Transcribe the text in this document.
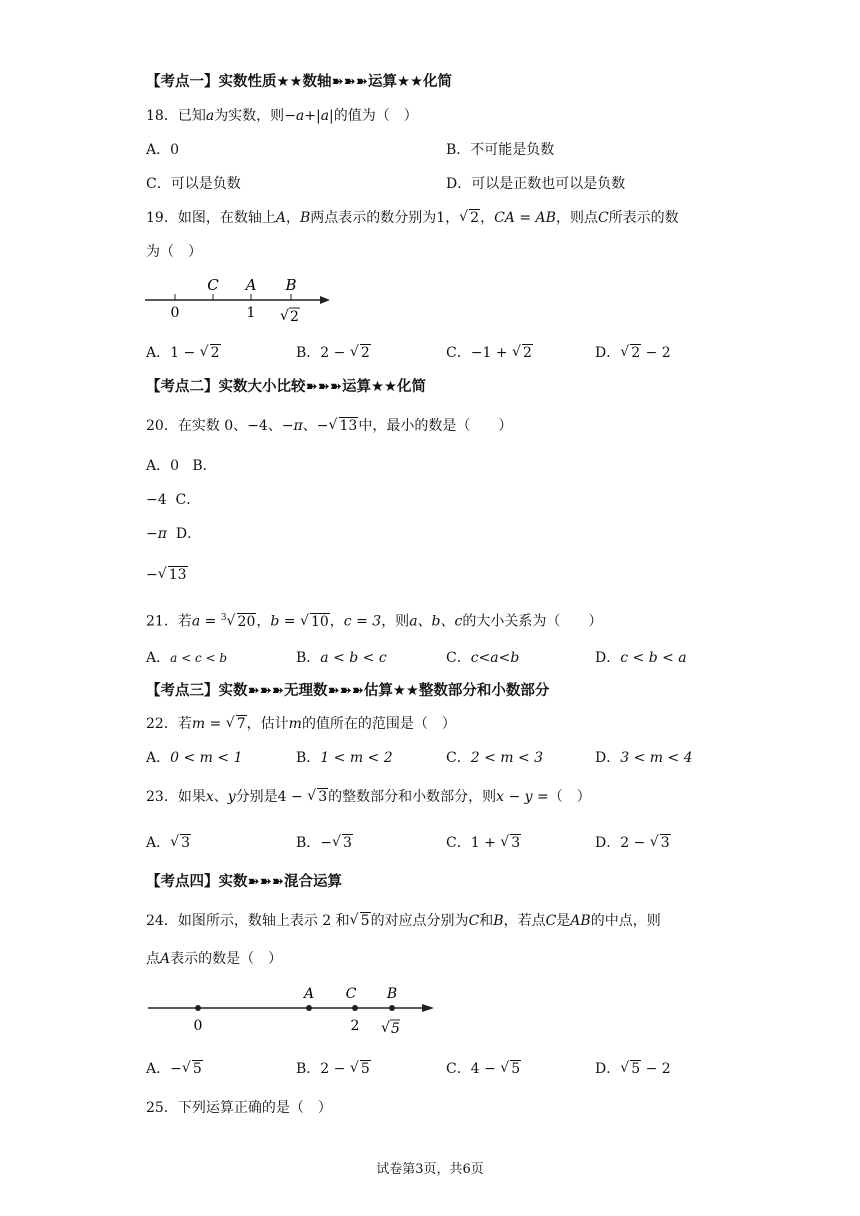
【考点一】实数性质★★数轴➽➽➽运算★★化简
18．已知a为实数，则−a+|a|的值为（　）
A．0	B．不可能是负数
C．可以是负数	D．可以是正数也可以是负数
19．如图，在数轴上A，B两点表示的数分别为1， √ 2，CA = AB，则点C所表示的数
为（　）
C A B
0	1 √ 2
A．1 − √ 2	B．2 − √ 2	C．−1 + √ 2	D． √ 2 − 2
【考点二】实数大小比较➽➽➽运算★★化简
20．在实数 0、−4、−π、− √ 13中，最小的数是（　　）
A．0 B．
−4 C．
−π D．
− √ 13
21．若a = $^3$ √ 20，b = √ 10，c = 3，则a、b、c的大小关系为（　　）
A．a < c < b	B．a < b < c	C．c<a<b	D．c < b < a
【考点三】实数➽➽➽无理数➽➽➽估算★★整数部分和小数部分
22．若m = √ 7，估计m的值所在的范围是（　）
A．0 < m < 1	B．1 < m < 2	C．2 < m < 3	D．3 < m < 4
23．如果x、y分别是4 − √ 3的整数部分和小数部分，则x − y =（　）
A． √ 3	B．− √ 3	C．1 + √ 3	D．2 − √ 3
【考点四】实数➽➽➽混合运算
24．如图所示，数轴上表示 2 和 √ 5的对应点分别为C和B，若点C是AB的中点，则
点A表示的数是（　）
A C B
0	2 √ 5
A．− √ 5	B．2 − √ 5	C．4 − √ 5	D． √ 5 − 2
25．下列运算正确的是（　）
试卷第3页，共6页
